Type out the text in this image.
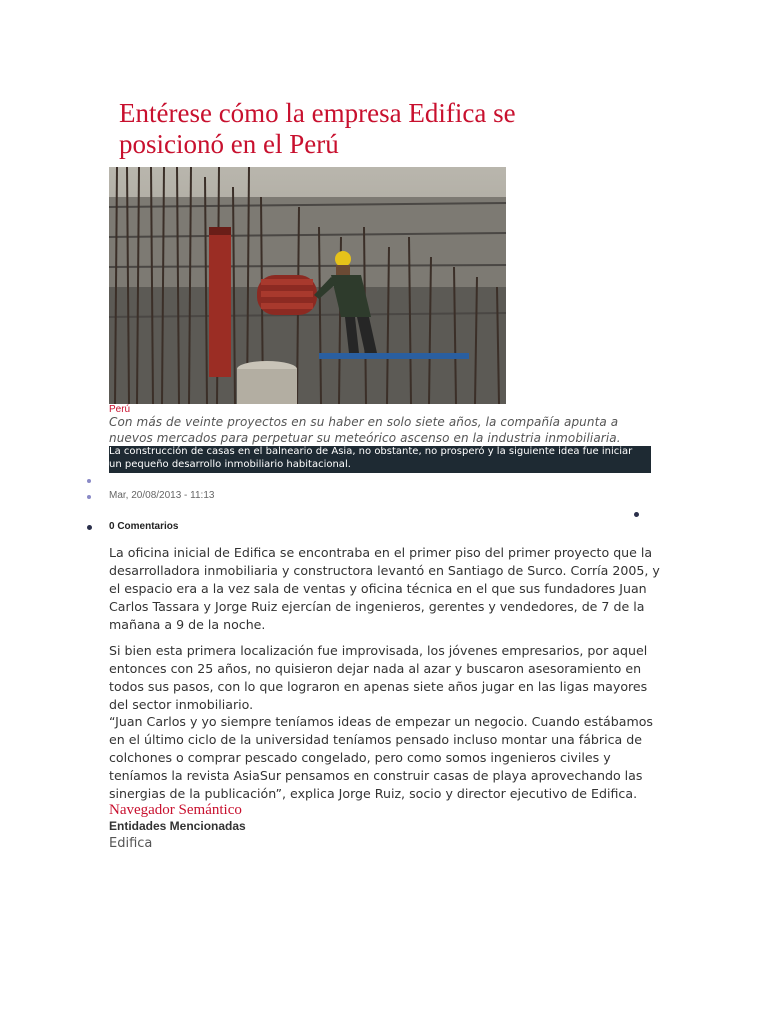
Entérese cómo la empresa Edifica se posicionó en el Perú
Perú
Con más de veinte proyectos en su haber en solo siete años, la compañía apunta a nuevos mercados para perpetuar su meteórico ascenso en la industria inmobiliaria.
La construcción de casas en el balneario de Asia, no obstante, no prosperó y la siguiente idea fue iniciar un pequeño desarrollo inmobiliario habitacional.
Mar, 20/08/2013 - 11:13
0 Comentarios

La oficina inicial de Edifica se encontraba en el primer piso del primer proyecto que la desarrolladora inmobiliaria y constructora levantó en Santiago de Surco. Corría 2005, y el espacio era a la vez sala de ventas y oficina técnica en el que sus fundadores Juan Carlos Tassara y Jorge Ruiz ejercían de ingenieros, gerentes y vendedores, de 7 de la mañana a 9 de la noche.

Si bien esta primera localización fue improvisada, los jóvenes empresarios, por aquel entonces con 25 años, no quisieron dejar nada al azar y buscaron asesoramiento en todos sus pasos, con lo que lograron en apenas siete años jugar en las ligas mayores del sector inmobiliario.

“Juan Carlos y yo siempre teníamos ideas de empezar un negocio. Cuando estábamos en el último ciclo de la universidad teníamos pensado incluso montar una fábrica de colchones o comprar pescado congelado, pero como somos ingenieros civiles y teníamos la revista AsiaSur pensamos en construir casas de playa aprovechando las sinergias de la publicación”, explica Jorge Ruiz, socio y director ejecutivo de Edifica.

Navegador Semántico
Entidades Mencionadas
Edifica
